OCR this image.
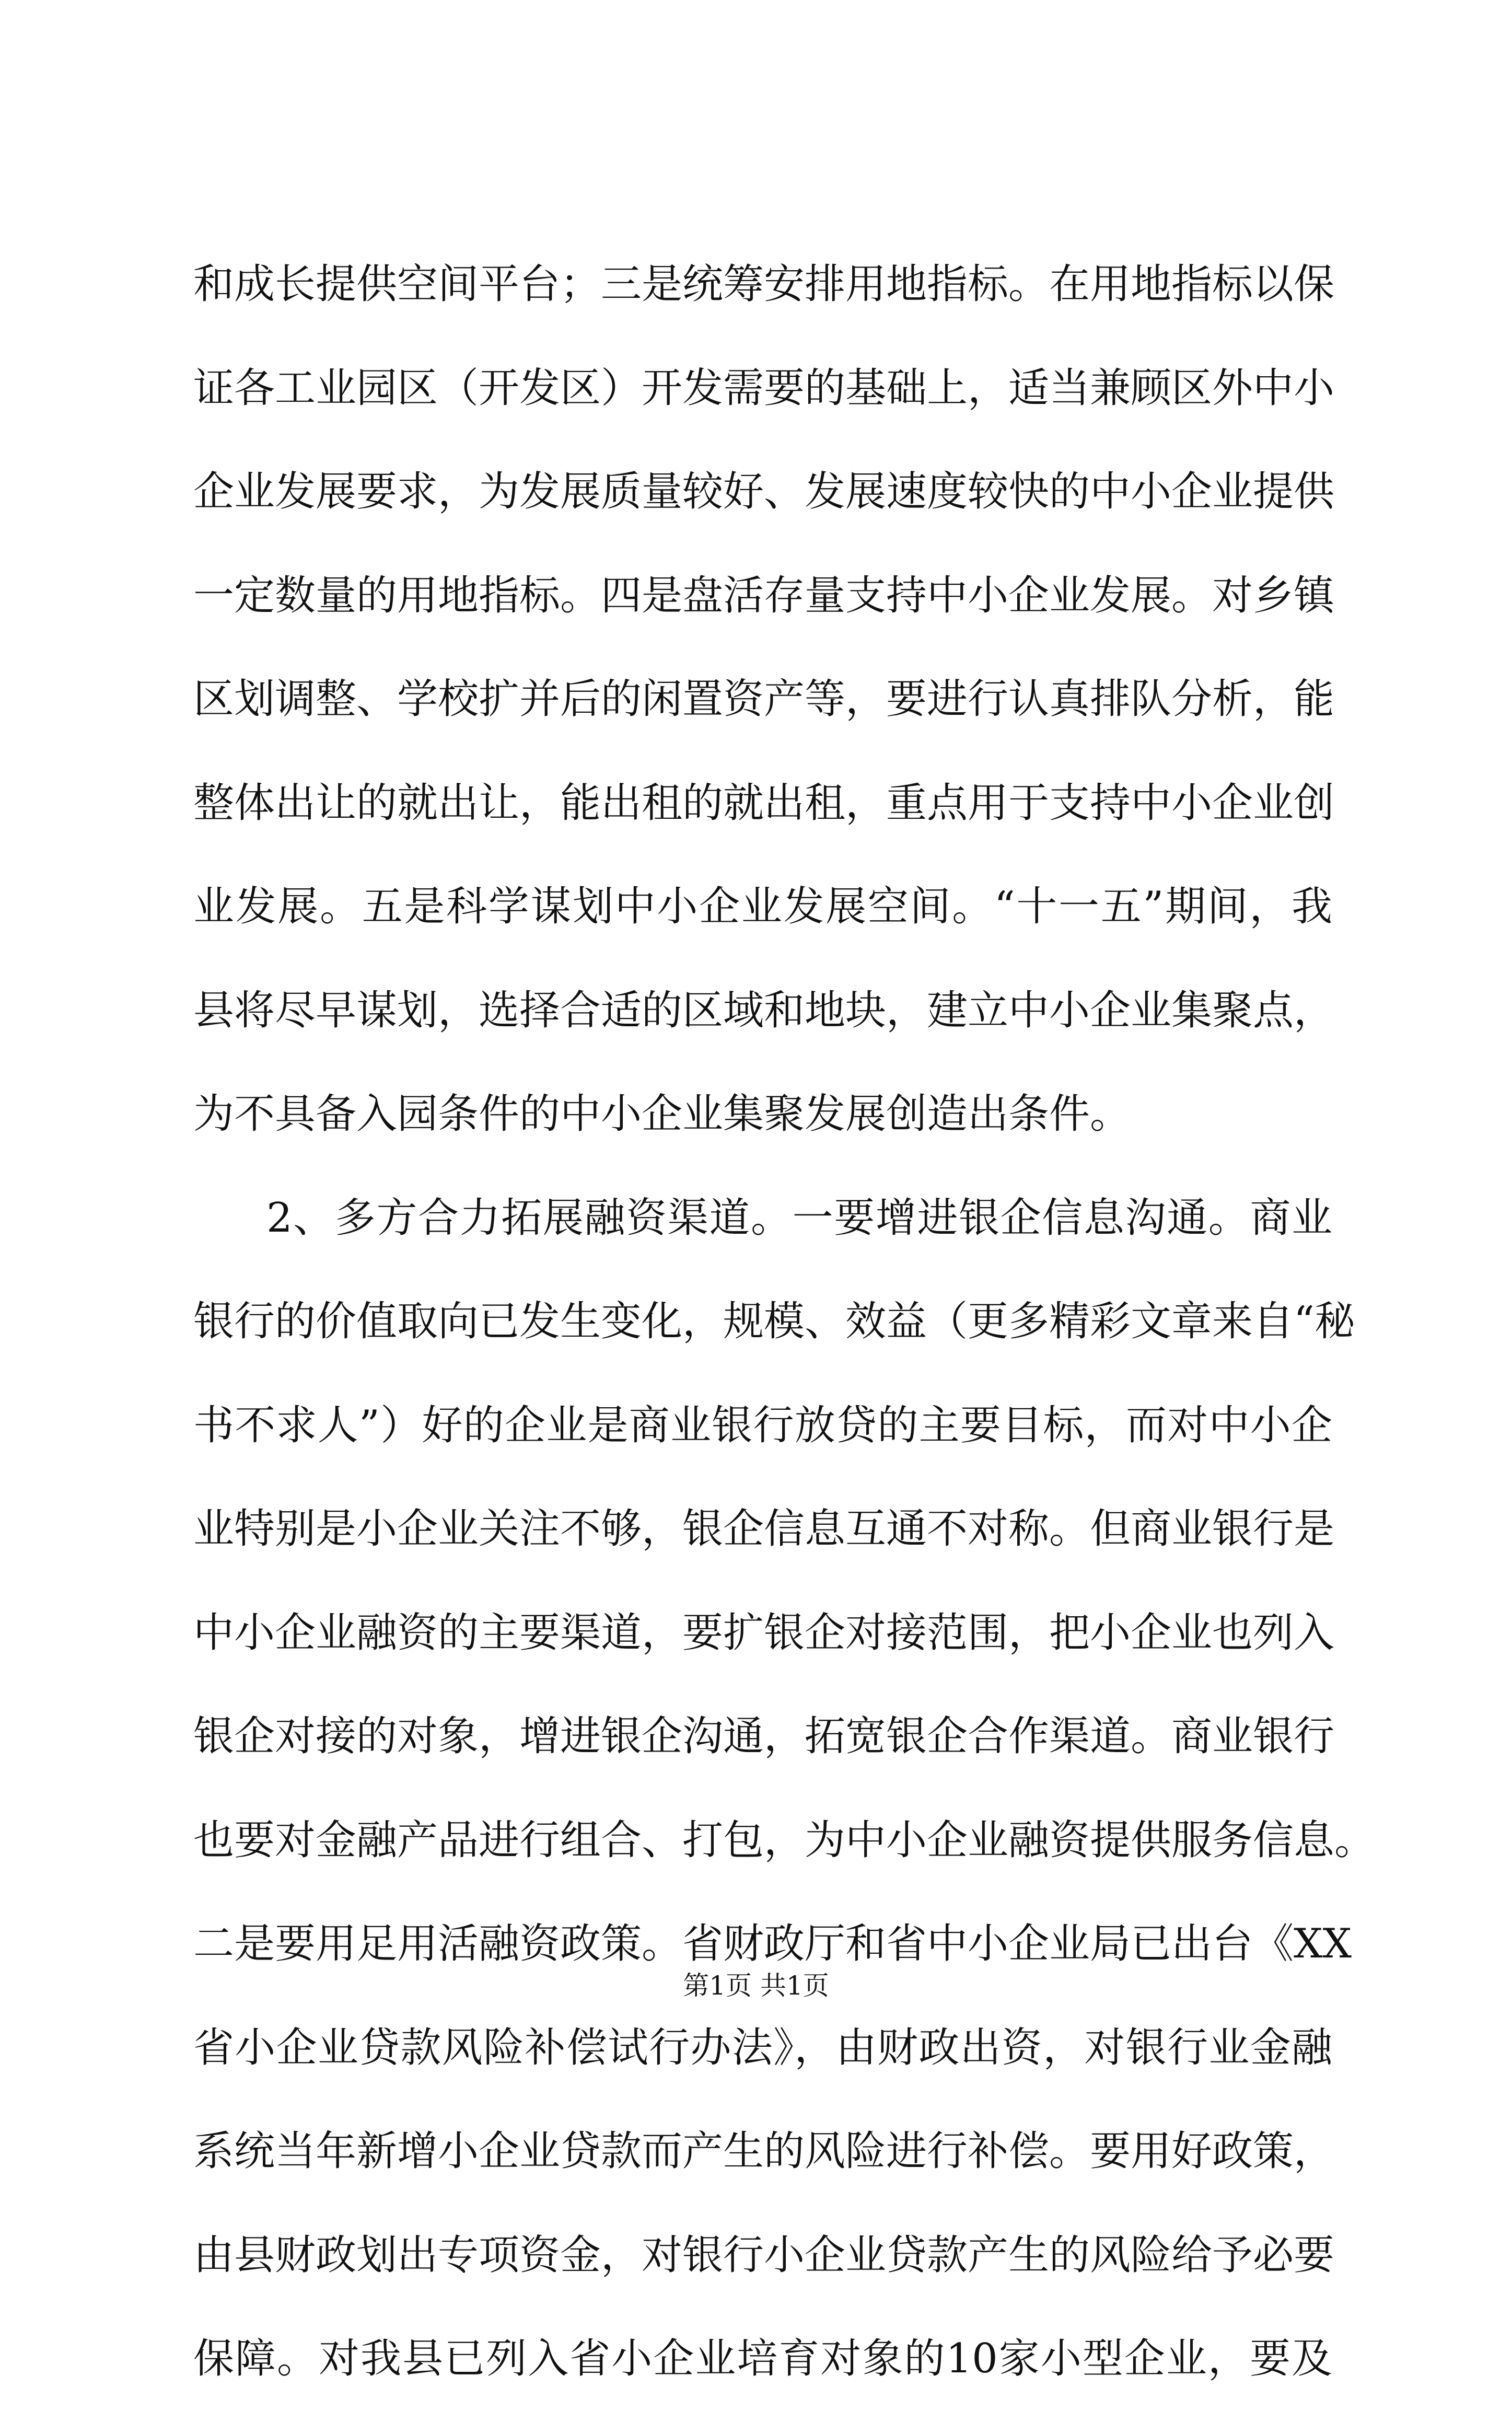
和成长提供空间平台；三是统筹安排用地指标。在用地指标以保
证各工业园区（开发区）开发需要的基础上，适当兼顾区外中小
企业发展要求，为发展质量较好、发展速度较快的中小企业提供
一定数量的用地指标。四是盘活存量支持中小企业发展。对乡镇
区划调整、学校扩并后的闲置资产等，要进行认真排队分析，能
整体出让的就出让，能出租的就出租，重点用于支持中小企业创
业发展。五是科学谋划中小企业发展空间。“十一五”期间，我
县将尽早谋划，选择合适的区域和地块，建立中小企业集聚点，
为不具备入园条件的中小企业集聚发展创造出条件。
2、多方合力拓展融资渠道。一要增进银企信息沟通。商业
银行的价值取向已发生变化，规模、效益（更多精彩文章来自“秘
书不求人”）好的企业是商业银行放贷的主要目标，而对中小企
业特别是小企业关注不够，银企信息互通不对称。但商业银行是
中小企业融资的主要渠道，要扩银企对接范围，把小企业也列入
银企对接的对象，增进银企沟通，拓宽银企合作渠道。商业银行
也要对金融产品进行组合、打包，为中小企业融资提供服务信息。
二是要用足用活融资政策。省财政厅和省中小企业局已出台《XX
省小企业贷款风险补偿试行办法》，由财政出资，对银行业金融
系统当年新增小企业贷款而产生的风险进行补偿。要用好政策，
由县财政划出专项资金，对银行小企业贷款产生的风险给予必要
保障。对我县已列入省小企业培育对象的10家小型企业，要及
第1页 共1页
